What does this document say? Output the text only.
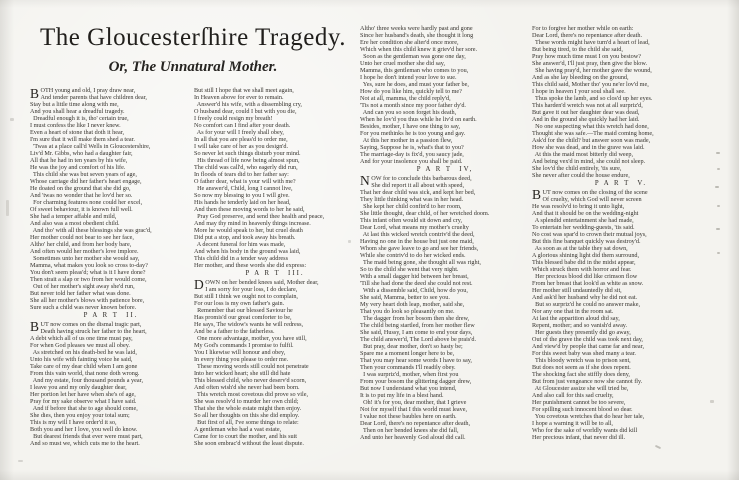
The Gloucesterſhire Tragedy.
Or, The Unnatural Mother.
BOTH young and old, I pray draw near,
And tender parents that have children dear,
Stay but a little time along with me,
And you shall hear a dreadful tragedy.
Dreadful enough it is, tho' certain true,
I must confess the like I never knew.
Even a heart of stone that doth it hear,
I'm sure that it will make them shed a tear.
'Twas at a place call'd Wells in Gloucestershire,
Liv'd Mr. Gibbs, who had a daughter fair,
All that he had in ten years by his wife,
He was the joy and comfort of his life.
This child she was but seven years of age,
Whose carriage did her father's heart engage,
He doated on the ground that she did go,
And 'twas no wonder that he lov'd her so.
For charming features none could her excel,
Of sweet behaviour, it is known full well.
She had a temper affable and mild,
And also was a most obedient child.
And tho' with all these blessings she was grac'd,
Her mother could not bear to see her face,
Altho' her child, and from her body bare,
And often would her mother's love implore.
Sometimes unto her mother she would say,
Mamma, what makes you look so cross to-day?
You don't seem pleas'd; what is it I have done?
Then strait a slap or two from her would come,
Out of her mother's sight away she'd run,
But never told her father what was done.
She all her mother's blows with patience bore,
Sure such a child was never known before.
P A R T  II.
BUT now comes on the dismal tragic part,
Death having struck her father to the heart,
A debt which all of us one time must pay,
For when God pleases we must all obey.
As stretched on his death-bed he was laid,
Unto his wife with fainting voice he said,
Take care of my dear child when I am gone
From this vain world, that none doth wrong.
And my estate, four thousand pounds a year,
I leave you and my only daughter dear,
Her portion let her have when she's of age,
Pray for my sake observe what I have said.
And if before that she to age should come,
She dies, then you enjoy your total sum;
This is my will I have order'd it so,
Both you and her I love, you well do know.
But dearest friends that ever were must part,
And so must we, which cuts me to the heart.
But still I hope that we shall meet again,
In Heaven above for ever to remain.
Answer'd his wife, with a dissembling cry,
O husband dear, could I but with you die,
I freely could resign my breath!
No comfort can I find after your death.
As for your will I freely shall obey,
In all that you are pleas'd to order me,
I will take care of her as you design'd.
So never let such things disturb your mind.
His thread of life now being almost spun,
The child was call'd, who eagerly did run,
In floods of tears did to her father say:
O father dear, what is your will with me?
He answer'd, Child, long I cannot live,
So now my blessing to you I will give.
His hands he tenderly laid on her head,
And then these moving words to her he said,
Pray God preserve, and send thee health and peace,
And may thy mind in heavenly things increase.
More he would speak to her, but cruel death
Did put a stop, and took away his breath.
A decent funeral for him was made,
And when his body in the ground was laid,
This child did in a tender way address
Her mother, and these words she did express:
P A R T  III.
DOWN on her bended knees said, Mother dear,
I am sorry for your loss, I do declare,
But still I think we ought not to complain,
For our loss is my own father's gain.
Remember that our blessed Saviour he
Has promis'd our great comforter to be,
He says, The widow's wants he will redress,
And be a father to the fatherless.
One more advantage, mother, you have still,
My God's commands I promise to fulfil.
You I likewise will honour and obey,
In every thing you please to order me.
These moving words still could not penetrate
Into her wicked heart; she still did hate
This blessed child, who never deserv'd scorn,
And often wish'd she never had been born.
This wretch most covetous did prove so vile,
She was resolv'd to murder her own child;
That she the whole estate might then enjoy.
So all her thoughts on this she did employ.
But first of all, I've some things to relate:
A gentleman who had a vast estate,
Came for to court the mother, and his suit
She soon embrac'd without the least dispute.
Altho' three weeks were hardly past and gone
Since her husband's death, she thought it long
Ere her condition she alter'd once more,
Which when this child knew it griev'd her sore.
Soon as the gentleman was gone one day,
Unto her cruel mother she did say,
Mamma, this gentleman who comes to you,
I hope he don't intend your love to sue.
Yes, sure he does, and must your father be,
How do you like him, quickly tell to me?
Not at all, mamma, the child reply'd,
'Tis not a month since my poor father dy'd.
And can you so soon forget his death,
When he lov'd you thus while he liv'd on earth.
Besides, mother, I have one thing to say,
For you methinks he is too young and gay.
At this her mother in a passion flew,
Saying, Suppose he is, what's that to you?
The marriage-day is fix'd, you saucy jade,
And for your insolence you shall be paid.
P A R T  IV,
NOW for to conclude this barbarous deed,
She did report it all about with speed,
That her dear child was sick, and kept her bed,
They little thinking what was in her head.
She kept her child confin'd to her room,
She little thought, dear child, of her wretched doom.
This infant often would sit down and cry,
Dear Lord, what means my mother's cruelty
At last this wicked wretch contriv'd the deed,
Having no one in the house but just one maid,
Whom she gave leave to go and see her friends,
While she contriv'd to do her wicked ends.
The maid being gone, she thought all was right,
So to the child she went that very night.
With a small dagger hid between her breast,
'Till she had done the deed she could not rest.
With a dissemble said, Child, how do you,
She said, Mamma, better to see you.
My very heart doth leap, mother, said she,
That you do look so pleasantly on me.
The dagger from her bosom then she drew,
The child being startled, from her mother flew
She said, Hussy, I am come to end your days,
The child answer'd, The Lord above be prais'd.
But pray, dear mother, don't so hasty be;
Spare me a moment longer here to be,
That you may hear some words I have to say,
Then your commands I'll readily obey.
I was surpriz'd, mother, when first you
From your bosom the glittering dagger drew,
But now I understand what you intend,
It is to put my life in a blest hand.
Oh! it's for you, dear mother, that I grieve
Not for myself that I this world must leave,
I value not these baubles here on earth.
Dear Lord, there's no repentance after death,
Then on her bended knees she did fall,
And unto her heavenly God aloud did call.
For to forgive her mother while on earth:
Dear Lord, there's no repentance after death.
These words might have turn'd a heart of lead,
But being tired, to the child she said,
Pray how much time must I on you bestow?
She answer'd, I'll just pray, then give the blow.
She having pray'd, her mother gave the wound,
And as she lay bleeding on the ground,
This child said, Mother tho' you ne'er lov'd me,
I hope in heaven I your soul shall see.
Thus spoke the lamb, and so clos'd up her eyes.
This harden'd wretch was not at all surpriz'd,
But gave it out her daughter dear was dead,
And in the ground she quickly had her laid.
No one suspecting what this wretch had done,
Thought she was safe.—The maid coming home,
Ask'd for the child? but answer soon was made,
How she was dead, and in the grave was laid.
At this the maid most bitterly did weep,
And being vex'd in mind, she could not sleep.
She lov'd the child entirely, 'tis sure,
She never after could the house endure,
P A R T  V.
BUT now comes on the closing of the scene
Of cruelty, which God will never screen
He was resolv'd to bring it unto light,
And that it should be on the wedding-night
A splendid entertainment she had made,
To entertain her wedding-guests, 'tis said.
No cost was spar'd to crown their mutual joys,
But this fine banquet quickly was destroy'd.
As soon as at the table they sat down,
A glorious shining light did them surround,
This blessed babe did in the midst appear,
Which struck them with horror and fear.
Her precious blood did like crimson flow
From her breast that look'd as white as snow.
Her mother still undauntedly did sit,
And ask'd her husband why he did not eat.
But so surpriz'd he could no answer make,
Nor any one that in the room sat.
At last the apparition aloud did say,
Repent, mother; and so vanish'd away.
Her guests they presently did go away,
Out of the grave the child was took next day,
And view'd by people that came far and near,
For this sweet baby was shed many a tear.
This bloody wretch was to prison sent,
But does not seem as if she does repent.
The shocking fact she stiffly does deny,
But from just vengeance now she cannot fly.
At Gloucester assize she will tried be,
And also call for this sad cruelty,
Her punishment cannot be too severe,
For spilling such innocent blood so dear.
You covetous wretches that do hear her tale,
I hope a warning it will be to all,
Who for the sake of worldly wants did kill
Her precious infant, that never did ill.
